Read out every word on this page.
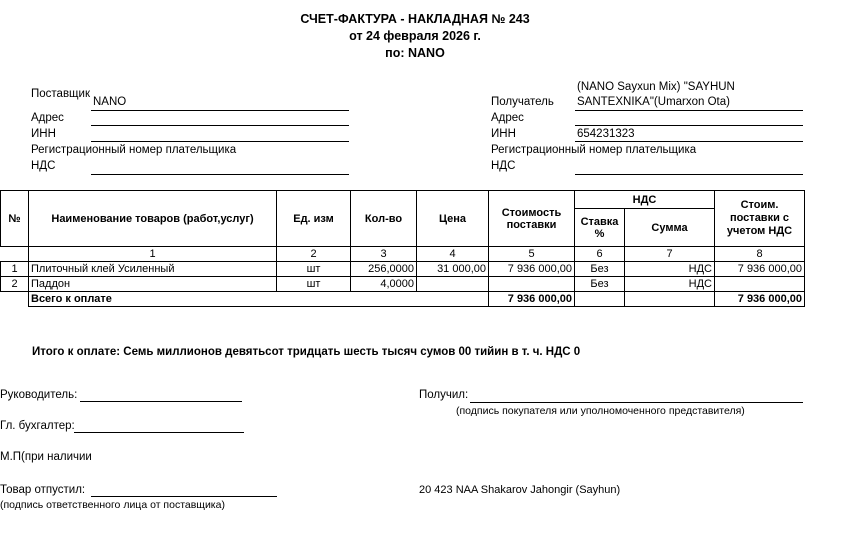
СЧЕТ-ФАКТУРА - НАКЛАДНАЯ № 243
от 24 февраля 2026 г.
по: NANO
Поставщик
NANO
Адрес
ИНН
Регистрационный номер плательщика
НДС
(NANO Sayxun Mix) "SAYHUN
Получатель SANTEXNIKA"(Umarxon Ota)
Адрес
ИНН	654231323
Регистрационный номер плательщика
НДС
№	Наименование товаров (работ,услуг)	Ед. изм	Кол-во	Цена	Стоимость поставки	НДС		Стоим. поставки с учетом НДС
						Ставка %	Сумма	
	1	2	3	4	5	6	7	8
1	Плиточный клей Усиленный	шт	256,0000	31 000,00	7 936 000,00	Без	НДС	7 936 000,00
2	Паддон	шт	4,0000			Без	НДС	
	Всего к оплате				7 936 000,00			7 936 000,00
Итого к оплате: Семь миллионов девятьсот тридцать шесть тысяч сумов 00 тийин в т. ч. НДС 0
Руководитель:	Получил:
(подпись покупателя или уполномоченного представителя)
Гл. бухгалтер:
М.П(при наличии
Товар отпустил:	20 423 NAA Shakarov Jahongir (Sayhun)
(подпись ответственного лица от поставщика)
